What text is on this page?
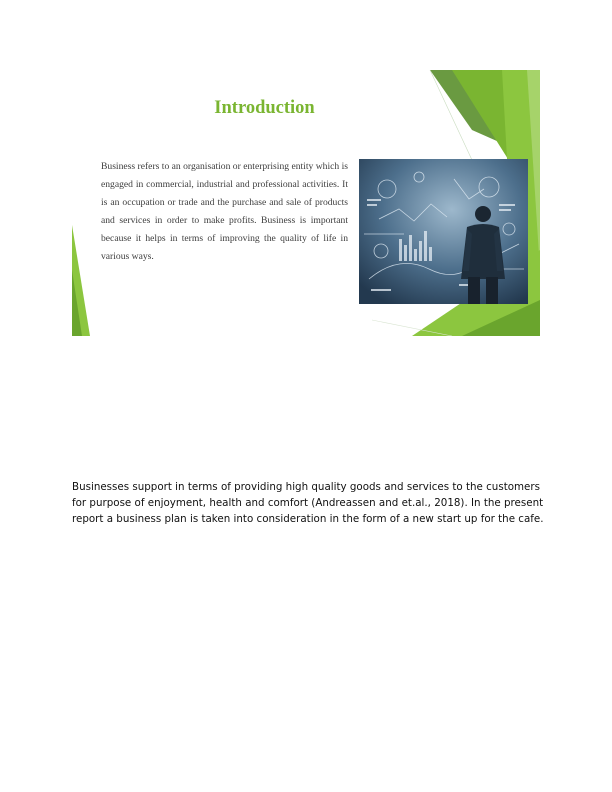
Introduction
Business refers to an organisation or enterprising entity which is engaged in commercial, industrial and professional activities. It is an occupation or trade and the purchase and sale of products and services in order to make profits. Business is important because it helps in terms of improving the quality of life in various ways.
Businesses support in terms of providing high quality goods and services to the customers for purpose of enjoyment, health and comfort (Andreassen and et.al., 2018). In the present report a business plan is taken into consideration in the form of a new start up for the cafe.
